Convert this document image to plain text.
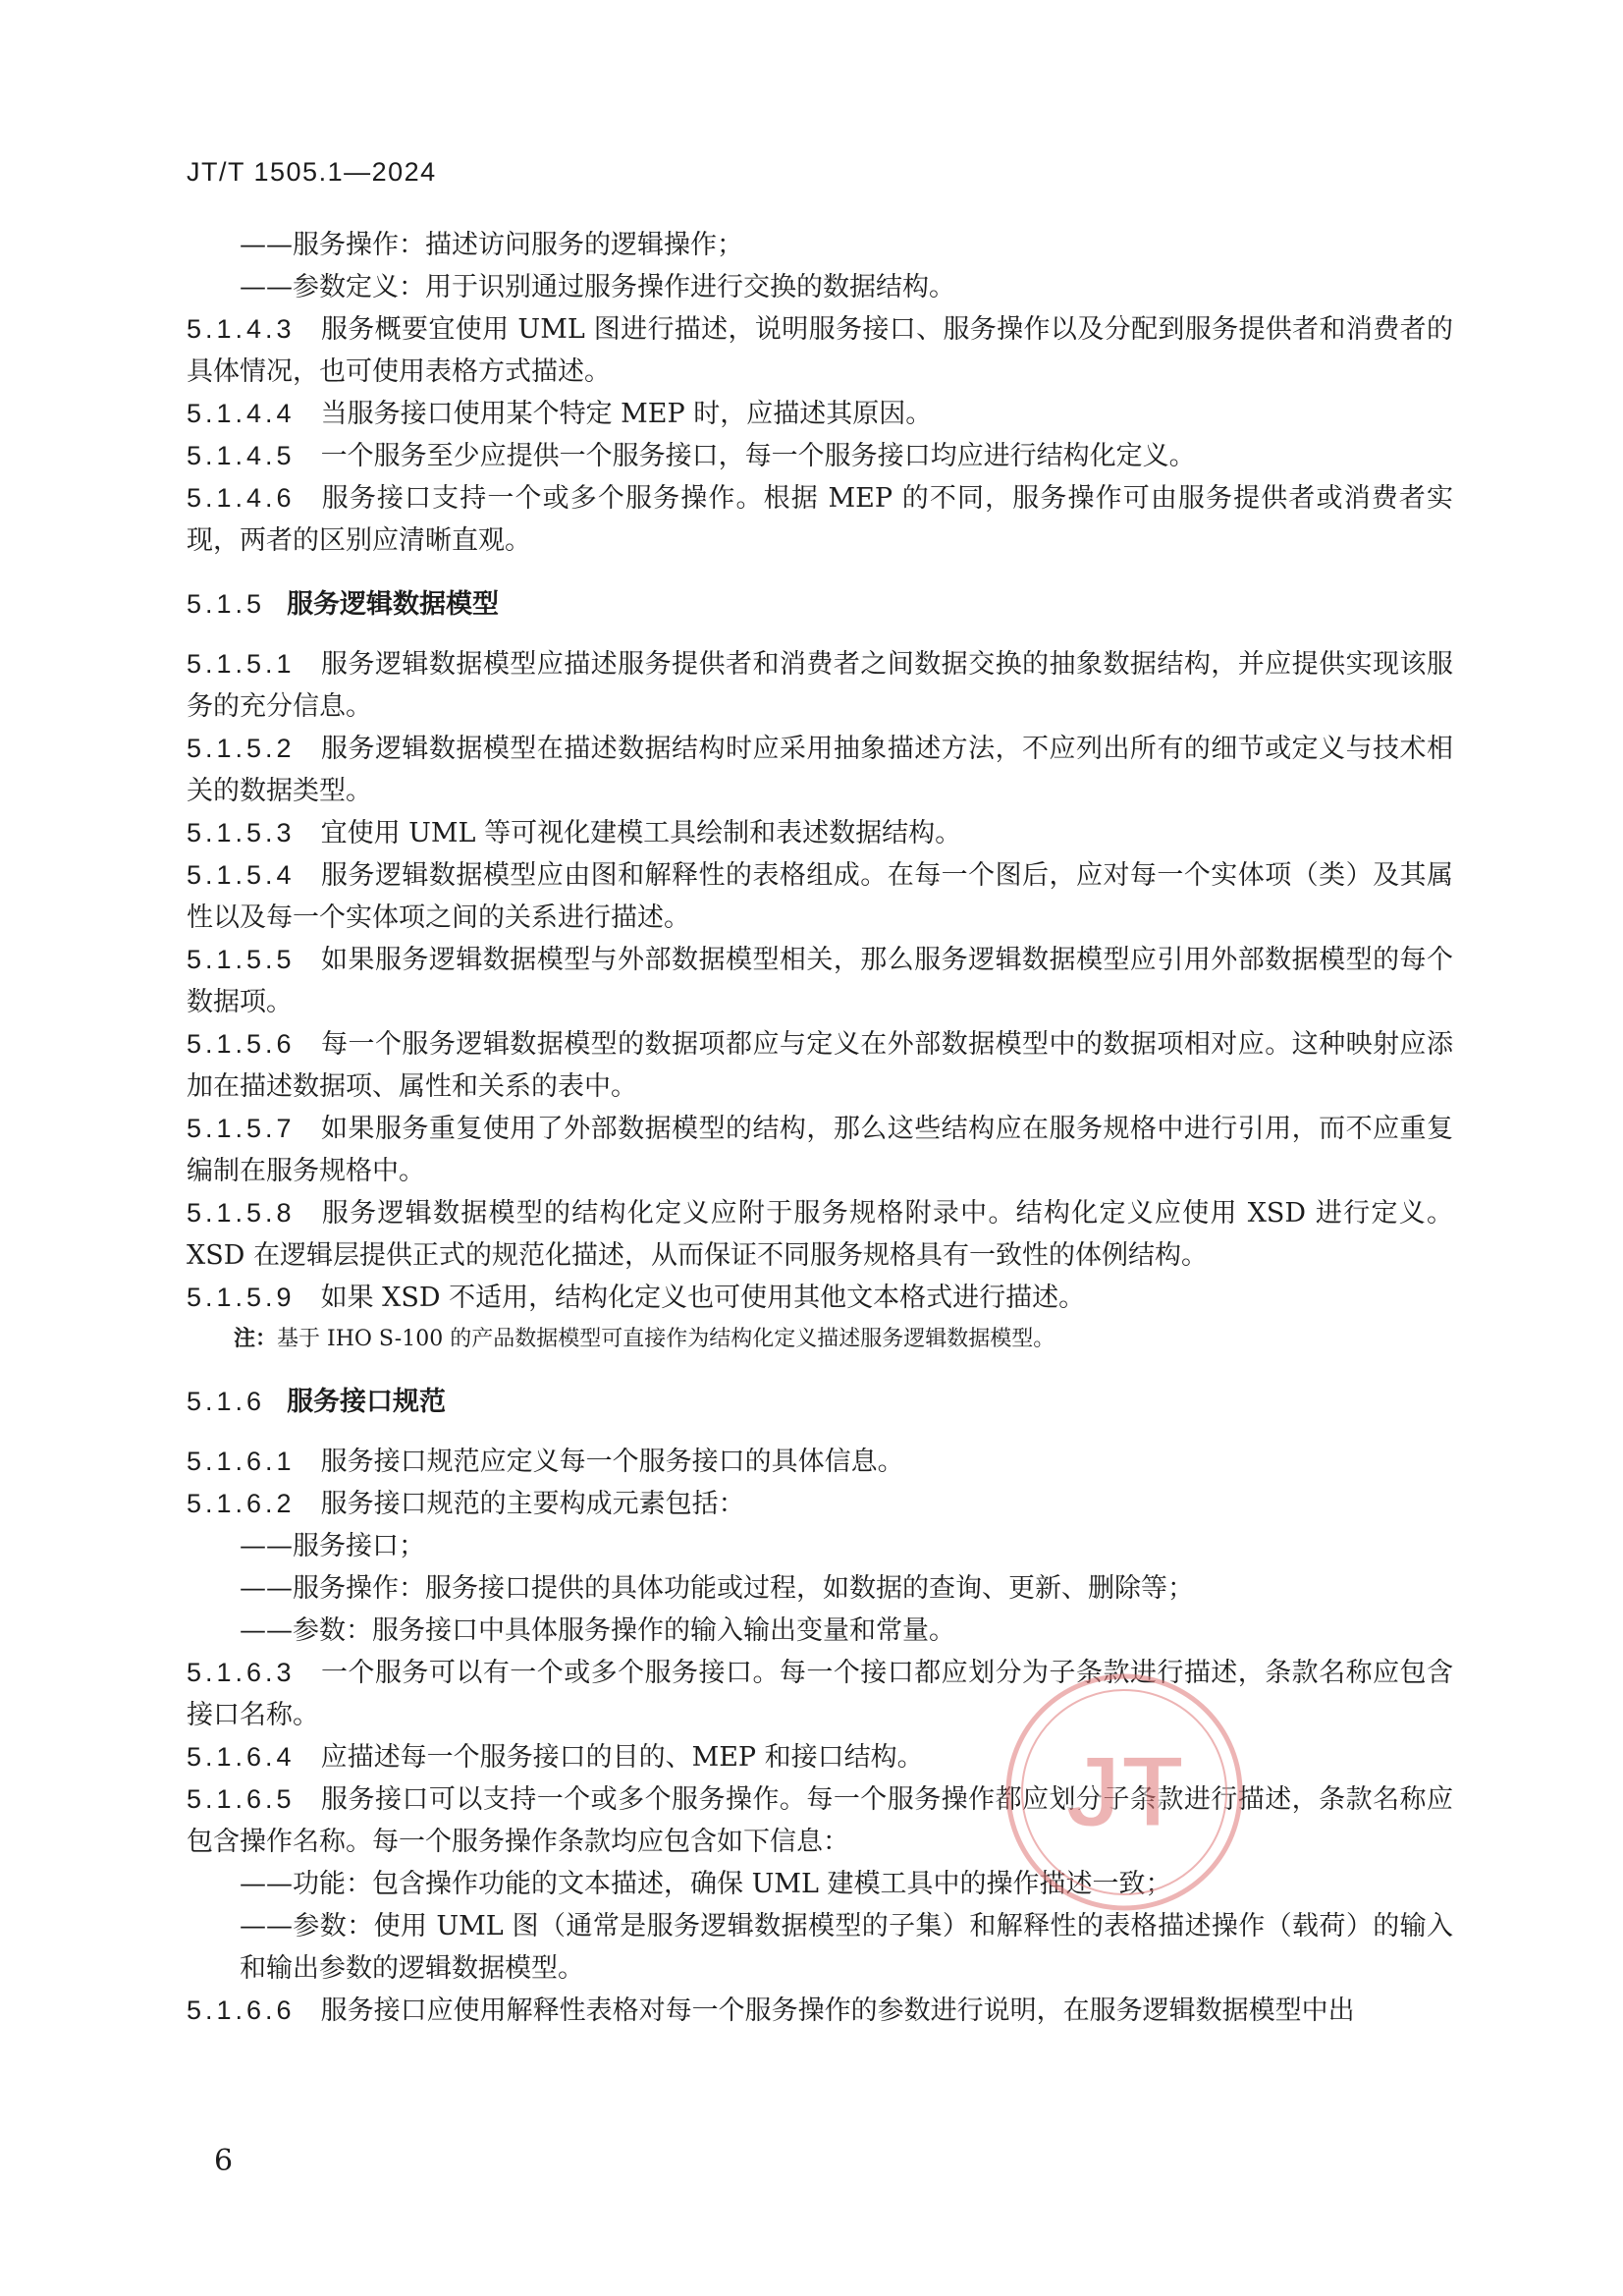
JT/T 1505.1—2024

——服务操作：描述访问服务的逻辑操作；

——参数定义：用于识别通过服务操作进行交换的数据结构。

5.1.4.3 服务概要宜使用 UML 图进行描述，说明服务接口、服务操作以及分配到服务提供者和消费者的具体情况，也可使用表格方式描述。

5.1.4.4 当服务接口使用某个特定 MEP 时，应描述其原因。

5.1.4.5 一个服务至少应提供一个服务接口，每一个服务接口均应进行结构化定义。

5.1.4.6 服务接口支持一个或多个服务操作。根据 MEP 的不同，服务操作可由服务提供者或消费者实现，两者的区别应清晰直观。

5.1.5 服务逻辑数据模型

5.1.5.1 服务逻辑数据模型应描述服务提供者和消费者之间数据交换的抽象数据结构，并应提供实现该服务的充分信息。

5.1.5.2 服务逻辑数据模型在描述数据结构时应采用抽象描述方法，不应列出所有的细节或定义与技术相关的数据类型。

5.1.5.3 宜使用 UML 等可视化建模工具绘制和表述数据结构。

5.1.5.4 服务逻辑数据模型应由图和解释性的表格组成。在每一个图后，应对每一个实体项（类）及其属性以及每一个实体项之间的关系进行描述。

5.1.5.5 如果服务逻辑数据模型与外部数据模型相关，那么服务逻辑数据模型应引用外部数据模型的每个数据项。

5.1.5.6 每一个服务逻辑数据模型的数据项都应与定义在外部数据模型中的数据项相对应。这种映射应添加在描述数据项、属性和关系的表中。

5.1.5.7 如果服务重复使用了外部数据模型的结构，那么这些结构应在服务规格中进行引用，而不应重复编制在服务规格中。

5.1.5.8 服务逻辑数据模型的结构化定义应附于服务规格附录中。结构化定义应使用 XSD 进行定义。XSD 在逻辑层提供正式的规范化描述，从而保证不同服务规格具有一致性的体例结构。

5.1.5.9 如果 XSD 不适用，结构化定义也可使用其他文本格式进行描述。

注：基于 IHO S-100 的产品数据模型可直接作为结构化定义描述服务逻辑数据模型。

5.1.6 服务接口规范

5.1.6.1 服务接口规范应定义每一个服务接口的具体信息。

5.1.6.2 服务接口规范的主要构成元素包括：

——服务接口；

——服务操作：服务接口提供的具体功能或过程，如数据的查询、更新、删除等；

——参数：服务接口中具体服务操作的输入输出变量和常量。

5.1.6.3 一个服务可以有一个或多个服务接口。每一个接口都应划分为子条款进行描述，条款名称应包含接口名称。

5.1.6.4 应描述每一个服务接口的目的、MEP 和接口结构。

5.1.6.5 服务接口可以支持一个或多个服务操作。每一个服务操作都应划分子条款进行描述，条款名称应包含操作名称。每一个服务操作条款均应包含如下信息：

——功能：包含操作功能的文本描述，确保 UML 建模工具中的操作描述一致；

——参数：使用 UML 图（通常是服务逻辑数据模型的子集）和解释性的表格描述操作（载荷）的输入和输出参数的逻辑数据模型。

5.1.6.6 服务接口应使用解释性表格对每一个服务操作的参数进行说明，在服务逻辑数据模型中出

JT
6
